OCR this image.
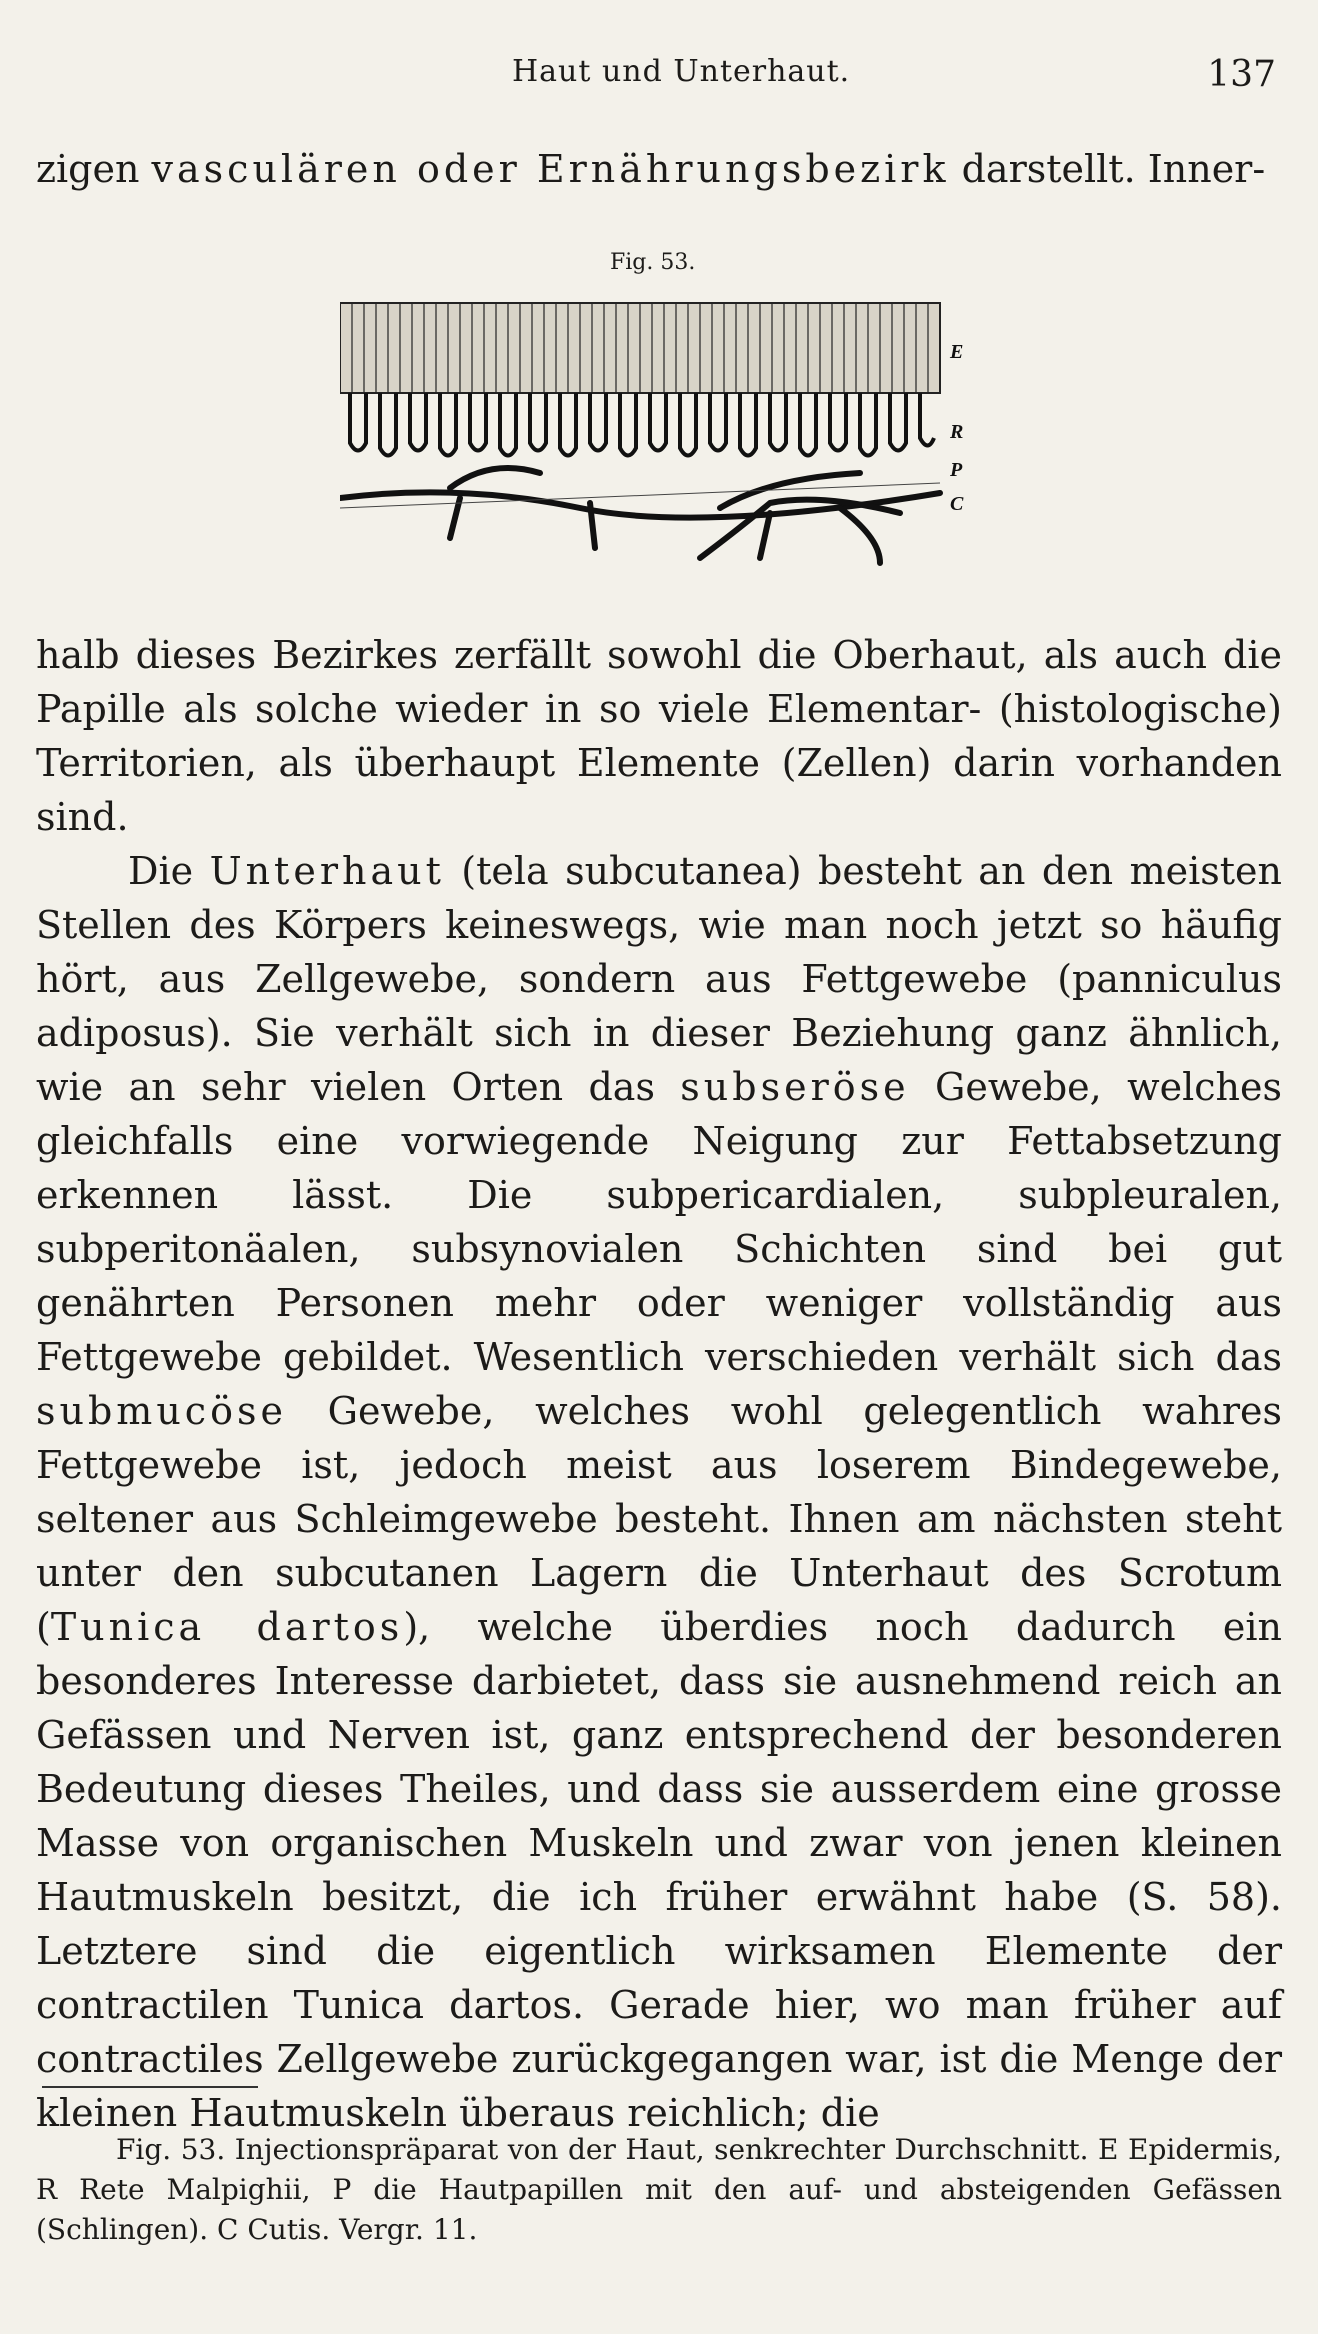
Haut und Unterhaut.	137

zigen vasculären oder Ernährungsbezirk darstellt. Inner-

Fig. 53.
E
R
P
C

halb dieses Bezirkes zerfällt sowohl die Oberhaut, als auch die Papille als solche wieder in so viele Elementar- (histologische) Territorien, als überhaupt Elemente (Zellen) darin vorhanden sind.

Die Unterhaut (tela subcutanea) besteht an den meisten Stellen des Körpers keineswegs, wie man noch jetzt so häufig hört, aus Zellgewebe, sondern aus Fettgewebe (panniculus adiposus). Sie verhält sich in dieser Beziehung ganz ähnlich, wie an sehr vielen Orten das subseröse Gewebe, welches gleichfalls eine vorwiegende Neigung zur Fettabsetzung erkennen lässt. Die subpericardialen, subpleuralen, subperitonäalen, subsynovialen Schichten sind bei gut genährten Personen mehr oder weniger vollständig aus Fettgewebe gebildet. Wesentlich verschieden verhält sich das submucöse Gewebe, welches wohl gelegentlich wahres Fettgewebe ist, jedoch meist aus loserem Bindegewebe, seltener aus Schleimgewebe besteht. Ihnen am nächsten steht unter den subcutanen Lagern die Unterhaut des Scrotum (Tunica dartos), welche überdies noch dadurch ein besonderes Interesse darbietet, dass sie ausnehmend reich an Gefässen und Nerven ist, ganz entsprechend der besonderen Bedeutung dieses Theiles, und dass sie ausserdem eine grosse Masse von organischen Muskeln und zwar von jenen kleinen Hautmuskeln besitzt, die ich früher erwähnt habe (S. 58). Letztere sind die eigentlich wirksamen Elemente der contractilen Tunica dartos. Gerade hier, wo man früher auf contractiles Zellgewebe zurückgegangen war, ist die Menge der kleinen Hautmuskeln überaus reichlich; die

Fig. 53. Injectionspräparat von der Haut, senkrechter Durchschnitt. E Epidermis, R Rete Malpighii, P die Hautpapillen mit den auf- und absteigenden Gefässen (Schlingen). C Cutis. Vergr. 11.
